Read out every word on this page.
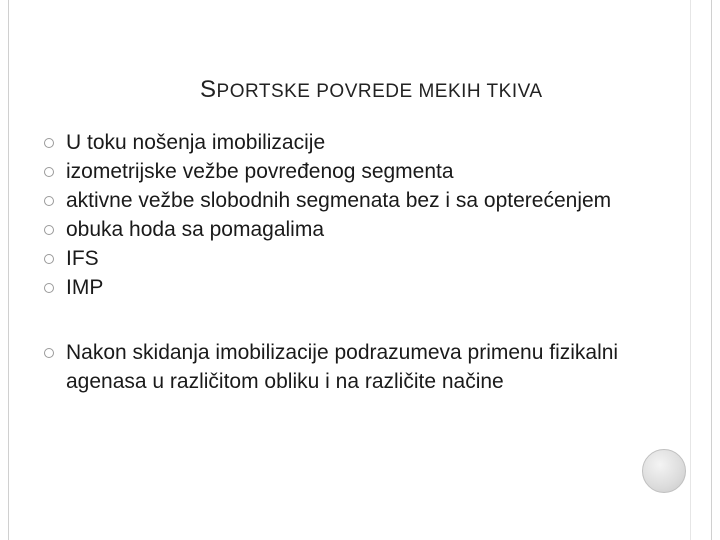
SPORTSKE POVREDE MEKIH TKIVA
U toku nošenja imobilizacije
izometrijske vežbe povređenog segmenta
aktivne vežbe slobodnih segmenata bez i sa opterećenjem
obuka hoda sa pomagalima
IFS
IMP
Nakon skidanja imobilizacije podrazumeva primenu fizikalni agenasa u različitom obliku i na različite načine
